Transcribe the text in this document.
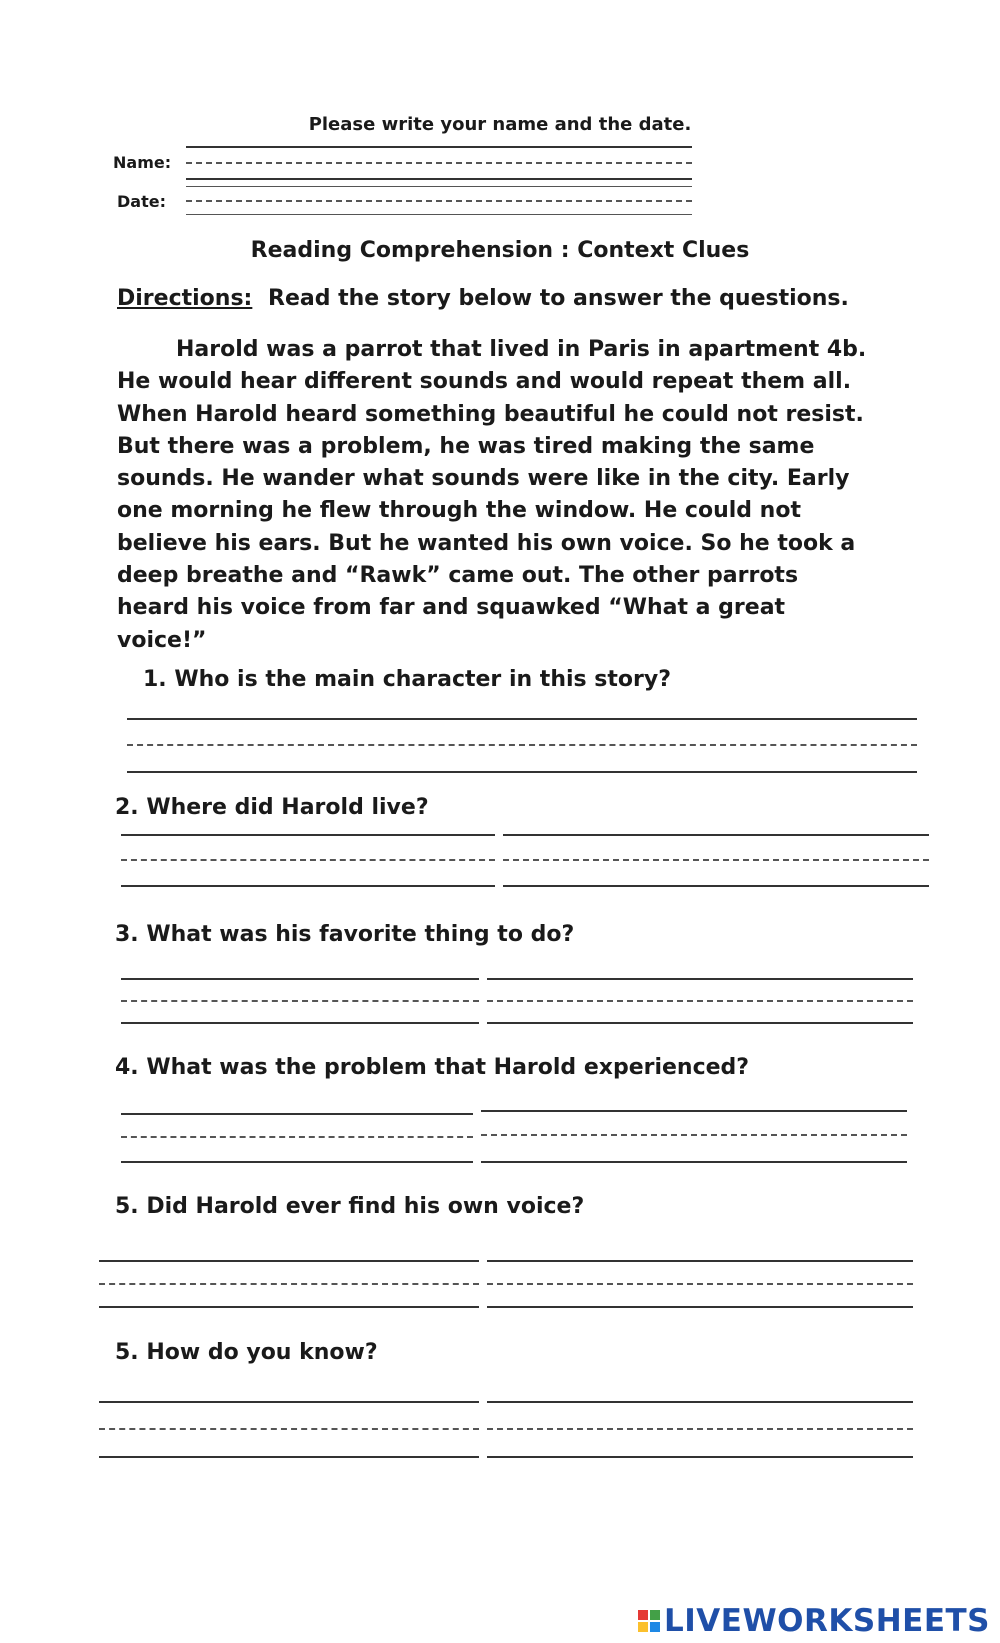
Please write your name and the date.
Name:
Date:
Reading Comprehension : Context Clues
Directions: Read the story below to answer the questions.
Harold was a parrot that lived in Paris in apartment 4b. He would hear different sounds and would repeat them all. When Harold heard something beautiful he could not resist. But there was a problem, he was tired making the same sounds. He wander what sounds were like in the city. Early one morning he flew through the window. He could not believe his ears. But he wanted his own voice. So he took a deep breathe and “Rawk” came out. The other parrots heard his voice from far and squawked “What a great voice!”
1. Who is the main character in this story?
2. Where did Harold live?
3. What was his favorite thing to do?
4. What was the problem that Harold experienced?
5. Did Harold ever find his own voice?
5. How do you know?
LIVEWORKSHEETS
